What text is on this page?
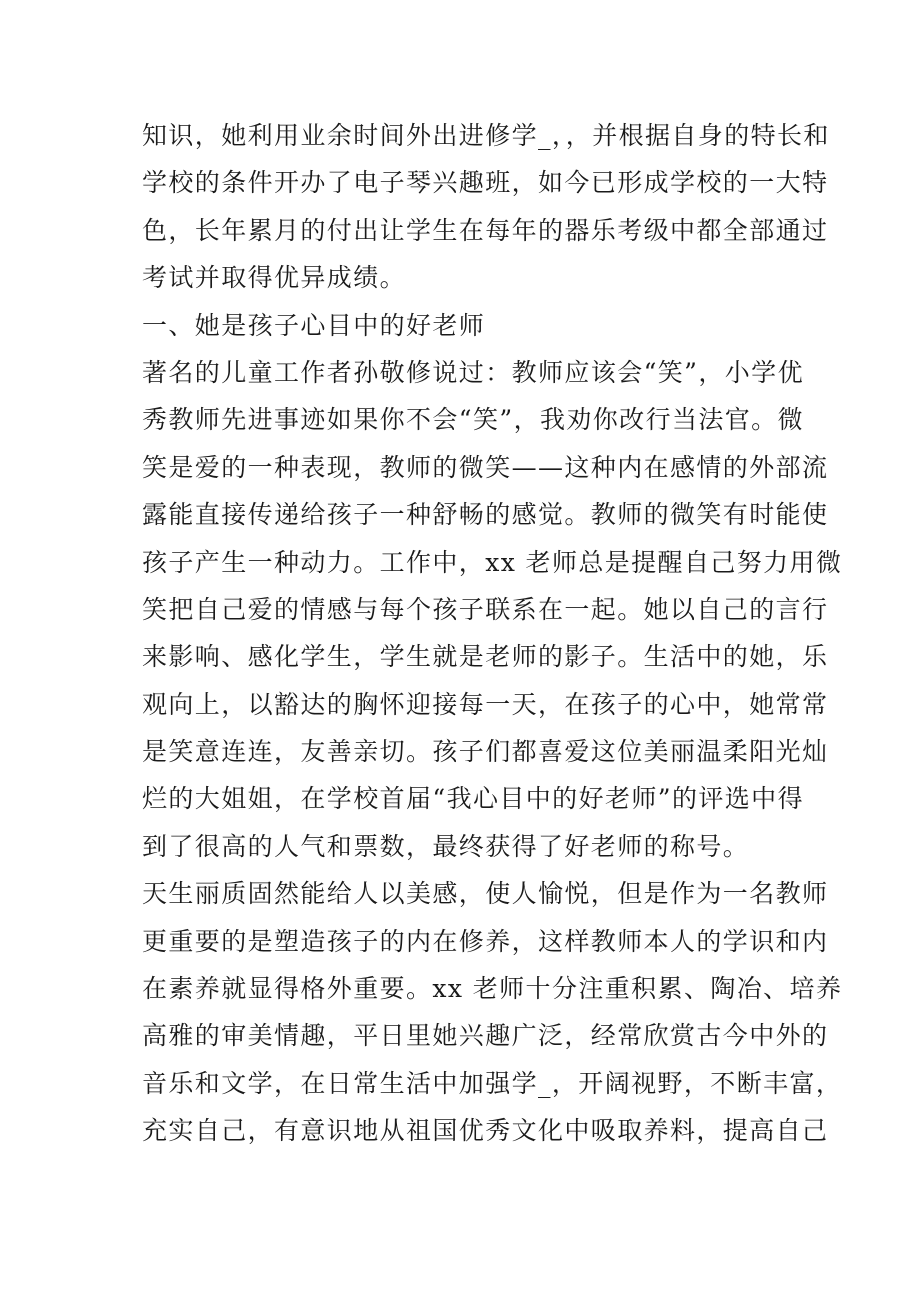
知识，她利用业余时间外出进修学_，，并根据自身的特长和
学校的条件开办了电子琴兴趣班，如今已形成学校的一大特
色，长年累月的付出让学生在每年的器乐考级中都全部通过
考试并取得优异成绩。
一、她是孩子心目中的好老师
著名的儿童工作者孙敬修说过：教师应该会“笑”，小学优
秀教师先进事迹如果你不会“笑”，我劝你改行当法官。微
笑是爱的一种表现，教师的微笑——这种内在感情的外部流
露能直接传递给孩子一种舒畅的感觉。教师的微笑有时能使
孩子产生一种动力。工作中，xx 老师总是提醒自己努力用微
笑把自己爱的情感与每个孩子联系在一起。她以自己的言行
来影响、感化学生，学生就是老师的影子。生活中的她，乐
观向上，以豁达的胸怀迎接每一天，在孩子的心中，她常常
是笑意连连，友善亲切。孩子们都喜爱这位美丽温柔阳光灿
烂的大姐姐，在学校首届“我心目中的好老师”的评选中得
到了很高的人气和票数，最终获得了好老师的称号。
天生丽质固然能给人以美感，使人愉悦，但是作为一名教师
更重要的是塑造孩子的内在修养，这样教师本人的学识和内
在素养就显得格外重要。xx 老师十分注重积累、陶冶、培养
高雅的审美情趣，平日里她兴趣广泛，经常欣赏古今中外的
音乐和文学，在日常生活中加强学_，开阔视野，不断丰富，
充实自己，有意识地从祖国优秀文化中吸取养料，提高自己
